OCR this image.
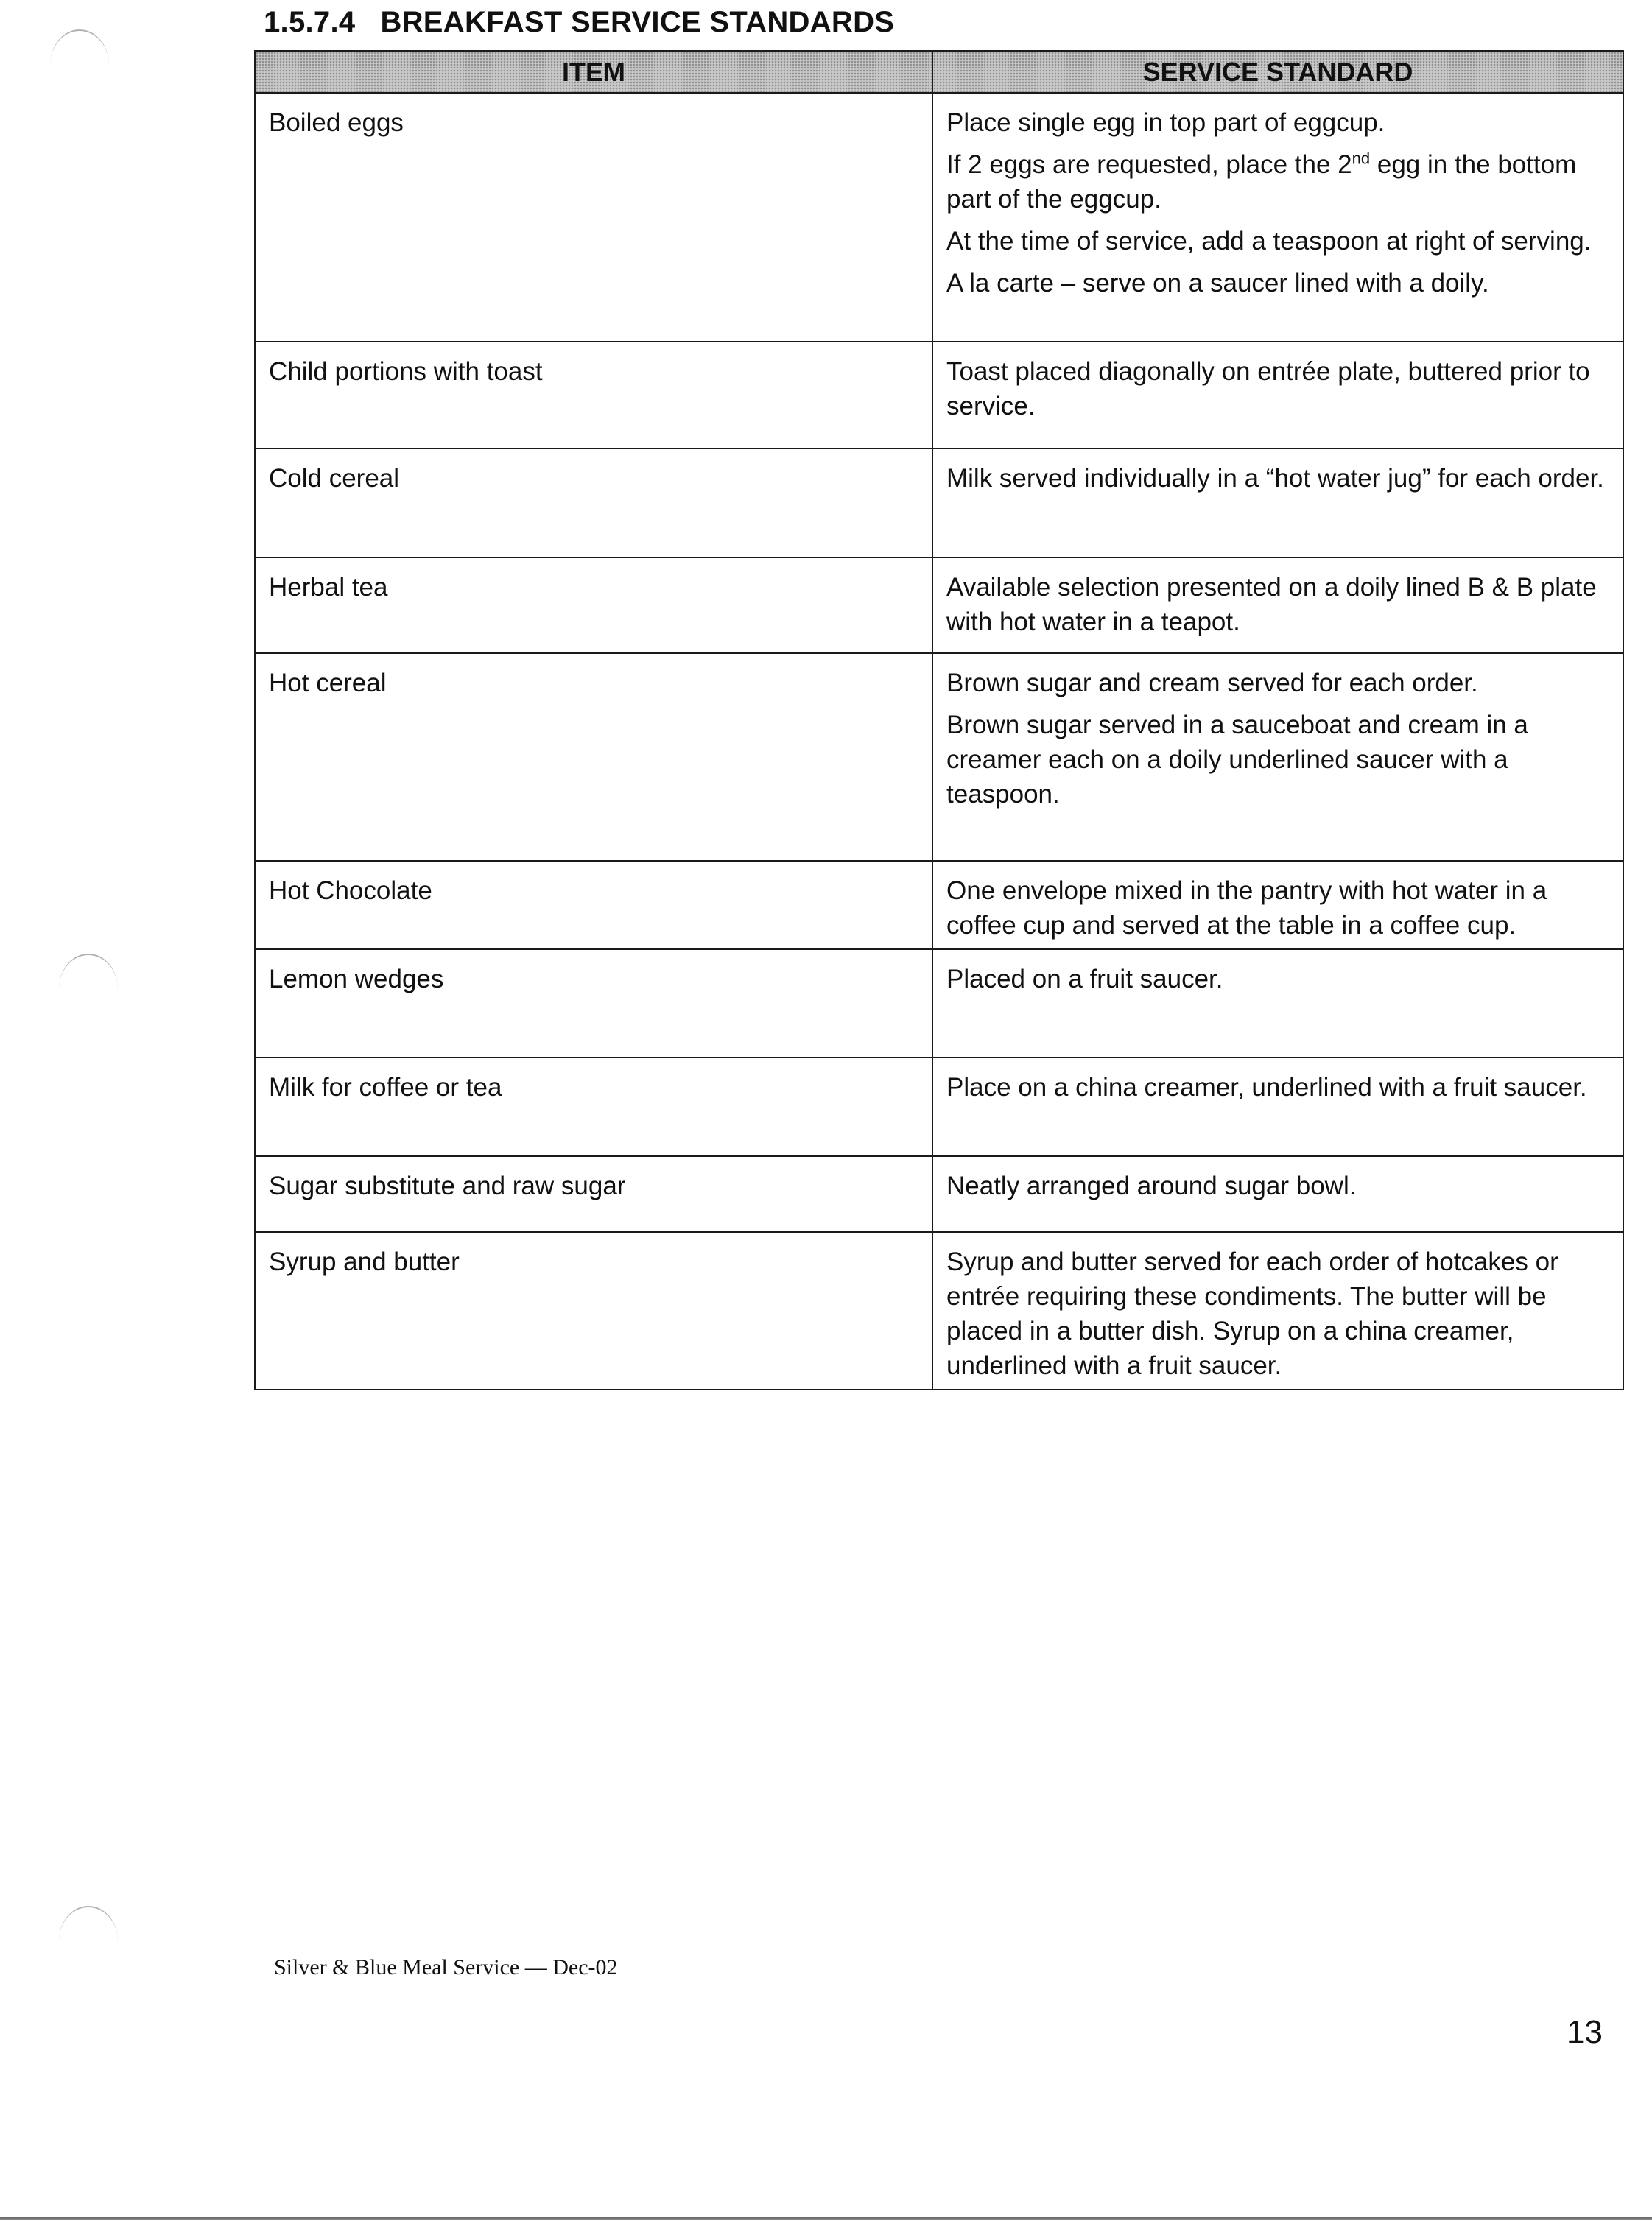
1.5.7.4 BREAKFAST SERVICE STANDARDS
ITEM	SERVICE STANDARD
Boiled eggs	Place single egg in top part of eggcup.
If 2 eggs are requested, place the 2nd egg in the bottom part of the eggcup.
At the time of service, add a teaspoon at right of serving.
A la carte – serve on a saucer lined with a doily.

Child portions with toast	Toast placed diagonally on entrée plate, buttered prior to service.

Cold cereal	Milk served individually in a “hot water jug” for each order.

Herbal tea	Available selection presented on a doily lined B & B plate with hot water in a teapot.

Hot cereal	Brown sugar and cream served for each order.
Brown sugar served in a sauceboat and cream in a creamer each on a doily underlined saucer with a teaspoon.

Hot Chocolate	One envelope mixed in the pantry with hot water in a coffee cup and served at the table in a coffee cup.

Lemon wedges	Placed on a fruit saucer.

Milk for coffee or tea	Place on a china creamer, underlined with a fruit saucer.

Sugar substitute and raw sugar	Neatly arranged around sugar bowl.

Syrup and butter	Syrup and butter served for each order of hotcakes or entrée requiring these condiments. The butter will be placed in a butter dish. Syrup on a china creamer, underlined with a fruit saucer.
Silver & Blue Meal Service — Dec-02
13
